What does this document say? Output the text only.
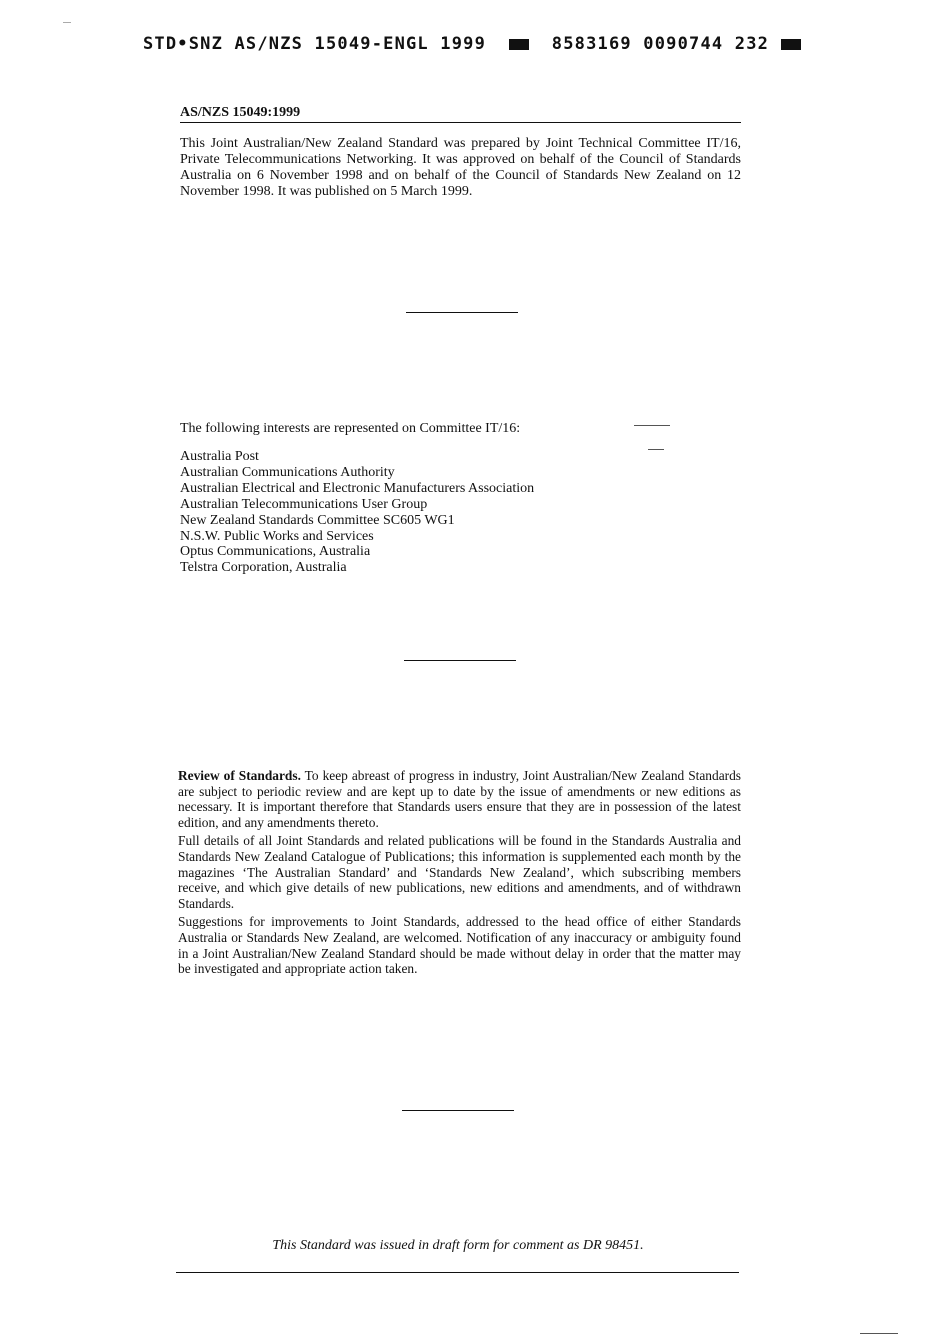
STD•SNZ AS/NZS 15049-ENGL 1999	8583169 0090744 232
AS/NZS 15049:1999

This Joint Australian/New Zealand Standard was prepared by Joint Technical Committee IT/16, Private Telecommunications Networking. It was approved on behalf of the Council of Standards Australia on 6 November 1998 and on behalf of the Council of Standards New Zealand on 12 November 1998. It was published on 5 March 1999.

The following interests are represented on Committee IT/16:
Australia Post
Australian Communications Authority
Australian Electrical and Electronic Manufacturers Association
Australian Telecommunications User Group
New Zealand Standards Committee SC605 WG1
N.S.W. Public Works and Services
Optus Communications, Australia
Telstra Corporation, Australia

Review of Standards. To keep abreast of progress in industry, Joint Australian/New Zealand Standards are subject to periodic review and are kept up to date by the issue of amendments or new editions as necessary. It is important therefore that Standards users ensure that they are in possession of the latest edition, and any amendments thereto.

Full details of all Joint Standards and related publications will be found in the Standards Australia and Standards New Zealand Catalogue of Publications; this information is supplemented each month by the magazines ‘The Australian Standard’ and ‘Standards New Zealand’, which subscribing members receive, and which give details of new publications, new editions and amendments, and of withdrawn Standards.

Suggestions for improvements to Joint Standards, addressed to the head office of either Standards Australia or Standards New Zealand, are welcomed. Notification of any inaccuracy or ambiguity found in a Joint Australian/New Zealand Standard should be made without delay in order that the matter may be investigated and appropriate action taken.

This Standard was issued in draft form for comment as DR 98451.
